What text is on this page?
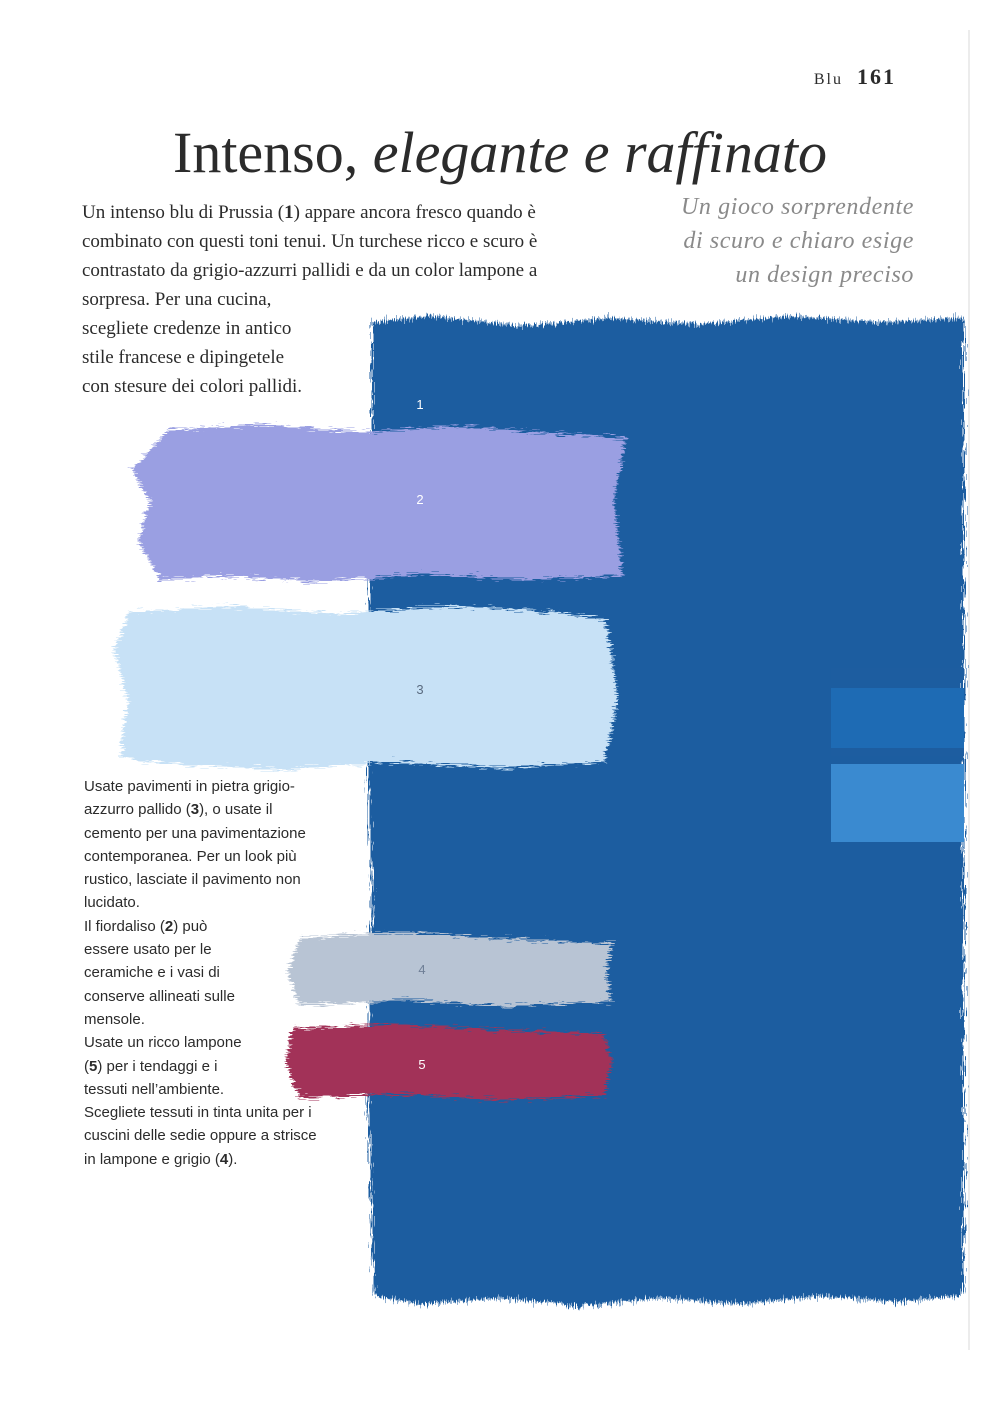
Blu 161
Intenso, elegante e raffinato

Un intenso blu di Prussia (1) appare ancora fresco quando è
combinato con questi toni tenui. Un turchese ricco e scuro è
contrastato da grigio-azzurri pallidi e da un color lampone a
sorpresa. Per una cucina,
scegliete credenze in antico
stile francese e dipingetele
con stesure dei colori pallidi.

Un gioco sorprendente
di scuro e chiaro esige
un design preciso

1
2
3
4
5

Usate pavimenti in pietra grigio-
azzurro pallido (3), o usate il
cemento per una pavimentazione
contemporanea. Per un look più
rustico, lasciate il pavimento non
lucidato.
Il fiordaliso (2) può
essere usato per le
ceramiche e i vasi di
conserve allineati sulle
mensole.
Usate un ricco lampone
(5) per i tendaggi e i
tessuti nell’ambiente.
Scegliete tessuti in tinta unita per i
cuscini delle sedie oppure a strisce
in lampone e grigio (4).
